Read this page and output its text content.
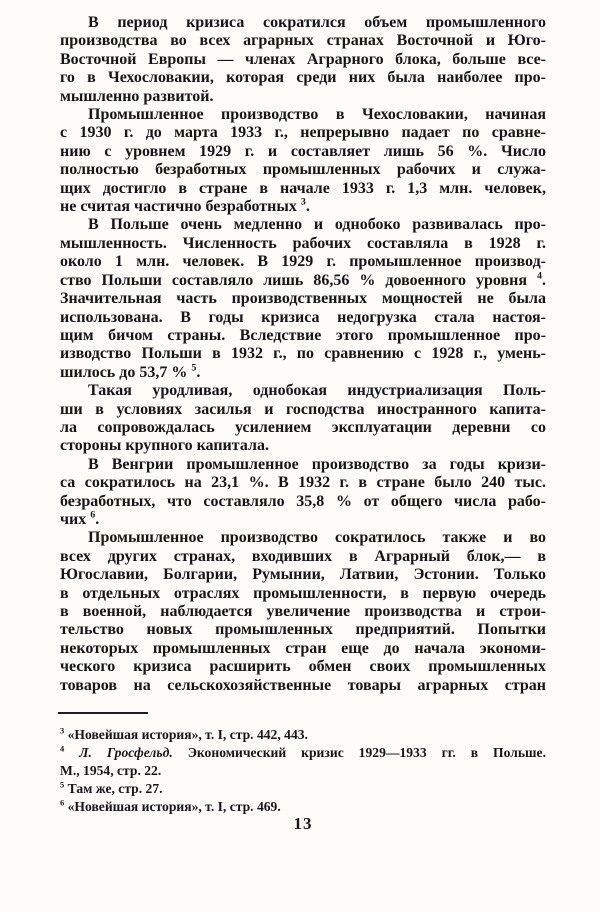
В период кризиса сократился объем промышленного
производства во всех аграрных странах Восточной и Юго-
Восточной Европы — членах Аграрного блока, больше все-
го в Чехословакии, которая среди них была наиболее про-
мышленно развитой.
Промышленное производство в Чехословакии, начиная
с 1930 г. до марта 1933 г., непрерывно падает по сравне-
нию с уровнем 1929 г. и составляет лишь 56 %. Число
полностью безработных промышленных рабочих и служа-
щих достигло в стране в начале 1933 г. 1,3 млн. человек,
не считая частично безработных $^3$.
В Польше очень медленно и однобоко развивалась про-
мышленность. Численность рабочих составляла в 1928 г.
около 1 млн. человек. В 1929 г. промышленное производ-
ство Польши составляло лишь 86,56 % довоенного уровня $^4$.
Значительная часть производственных мощностей не была
использована. В годы кризиса недогрузка стала настоя-
щим бичом страны. Вследствие этого промышленное про-
изводство Польши в 1932 г., по сравнению с 1928 г., умень-
шилось до 53,7 % $^5$.
Такая уродливая, однобокая индустриализация Поль-
ши в условиях засилья и господства иностранного капита-
ла сопровождалась усилением эксплуатации деревни со
стороны крупного капитала.
В Венгрии промышленное производство за годы кризи-
са сократилось на 23,1 %. В 1932 г. в стране было 240 тыс.
безработных, что составляло 35,8 % от общего числа рабо-
чих $^6$.
Промышленное производство сократилось также и во
всех других странах, входивших в Аграрный блок,— в
Югославии, Болгарии, Румынии, Латвии, Эстонии. Только
в отдельных отраслях промышленности, в первую очередь
в военной, наблюдается увеличение производства и строи-
тельство новых промышленных предприятий. Попытки
некоторых промышленных стран еще до начала экономи-
ческого кризиса расширить обмен своих промышленных
товаров на сельскохозяйственные товары аграрных стран
$^3$ «Новейшая история», т. I, стр. 442, 443.
$^4$ Л. Гросфельд. Экономический кризис 1929—1933 гг. в Польше.
М., 1954, стр. 22.
$^5$ Там же, стр. 27.
$^6$ «Новейшая история», т. I, стр. 469.
13
